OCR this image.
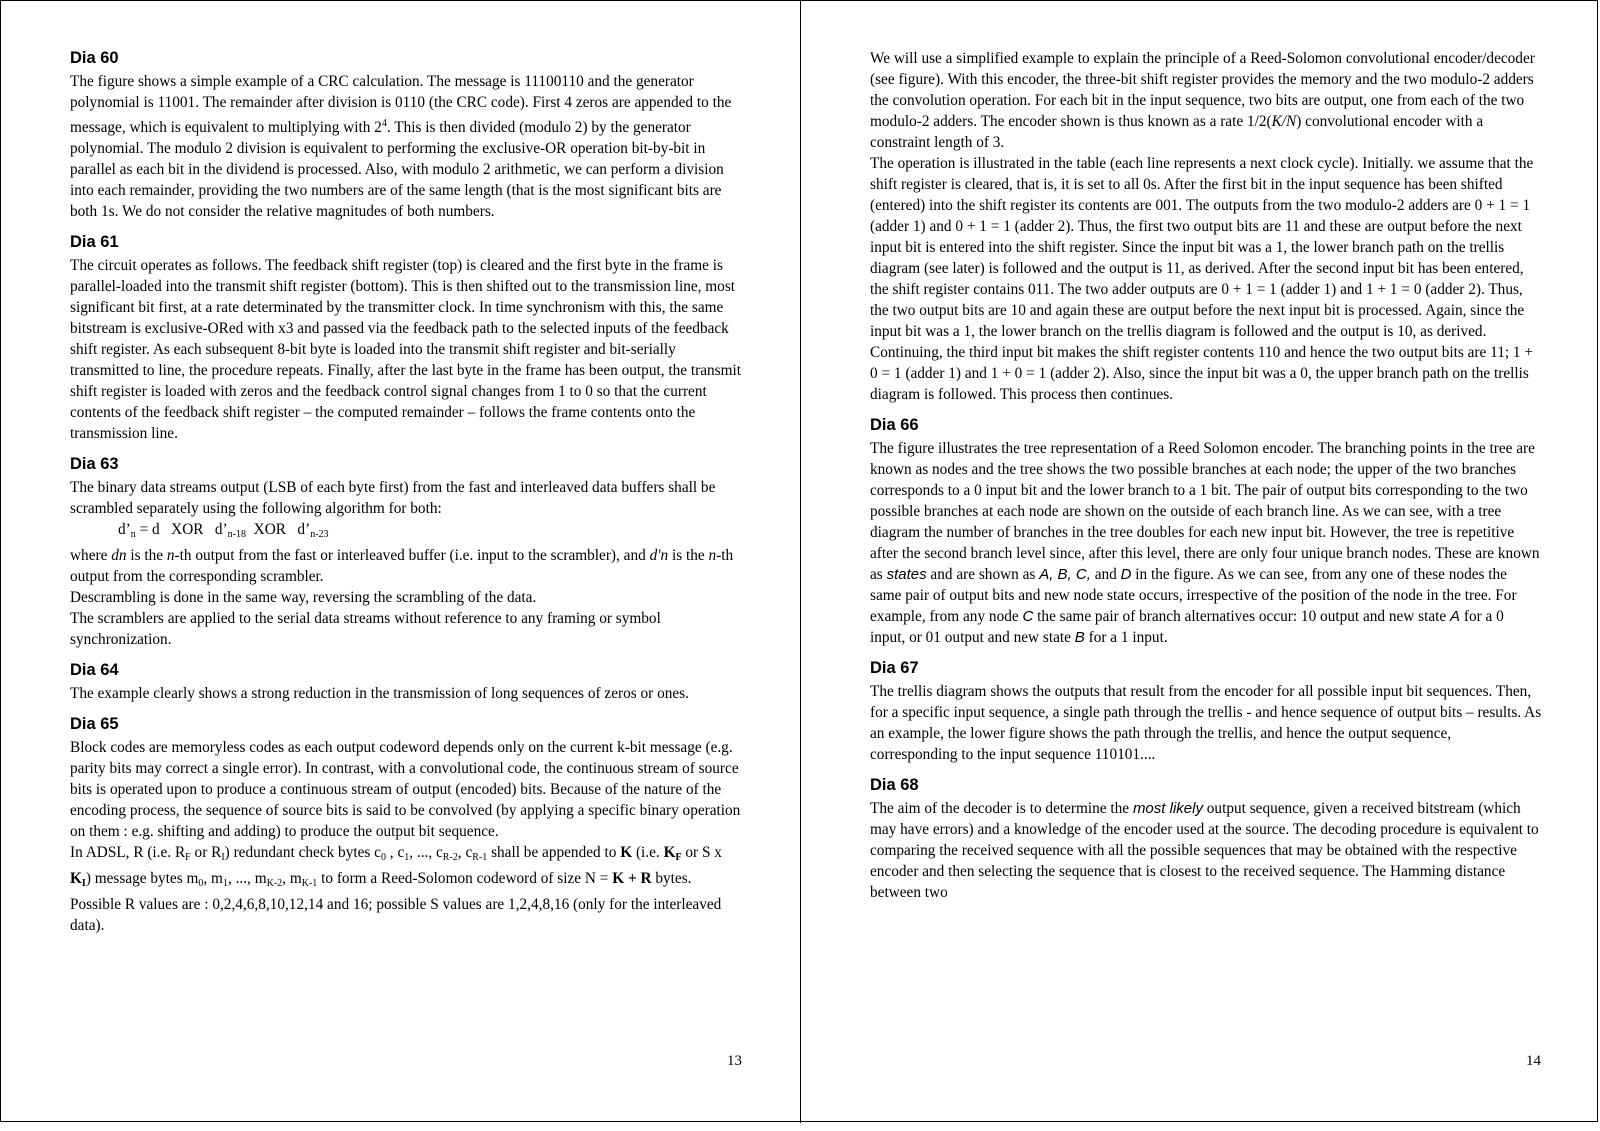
Dia 60

The figure shows a simple example of a CRC calculation. The message is 11100110 and the generator polynomial is 11001. The remainder after division is 0110 (the CRC code). First 4 zeros are appended to the message, which is equivalent to multiplying with $2^4$. This is then divided (modulo 2) by the generator polynomial. The modulo 2 division is equivalent to performing the exclusive-OR operation bit-by-bit in parallel as each bit in the dividend is processed. Also, with modulo 2 arithmetic, we can perform a division into each remainder, providing the two numbers are of the same length (that is the most significant bits are both 1s. We do not consider the relative magnitudes of both numbers.

Dia 61

The circuit operates as follows. The feedback shift register (top) is cleared and the first byte in the frame is parallel-loaded into the transmit shift register (bottom). This is then shifted out to the transmission line, most significant bit first, at a rate determinated by the transmitter clock. In time synchronism with this, the same bitstream is exclusive-ORed with x3 and passed via the feedback path to the selected inputs of the feedback shift register. As each subsequent 8-bit byte is loaded into the transmit shift register and bit-serially transmitted to line, the procedure repeats. Finally, after the last byte in the frame has been output, the transmit shift register is loaded with zeros and the feedback control signal changes from 1 to 0 so that the current contents of the feedback shift register – the computed remainder – follows the frame contents onto the transmission line.

Dia 63

The binary data streams output (LSB of each byte first) from the fast and interleaved data buffers shall be scrambled separately using the following algorithm for both:

$d’_n = d$   XOR   $d’_{n-18}$  XOR   $d’_{n-23}$

where dn is the n-th output from the fast or interleaved buffer (i.e. input to the scrambler), and d'n is the n-th output from the corresponding scrambler.

Descrambling is done in the same way, reversing the scrambling of the data.

The scramblers are applied to the serial data streams without reference to any framing or symbol synchronization.

Dia 64

The example clearly shows a strong reduction in the transmission of long sequences of zeros or ones.

Dia 65

Block codes are memoryless codes as each output codeword depends only on the current k-bit message (e.g. parity bits may correct a single error). In contrast, with a convolutional code, the continuous stream of source bits is operated upon to produce a continuous stream of output (encoded) bits. Because of the nature of the encoding process, the sequence of source bits is said to be convolved (by applying a specific binary operation on them : e.g. shifting and adding) to produce the output bit sequence.

In ADSL, R (i.e. $R_F$ or $R_I$) redundant check bytes $c_0$ , $c_1$, ..., $c_{R-2}$, $c_{R-1}$ shall be appended to K (i.e. $K_F$ or S x $K_I$) message bytes $m_0$, $m_1$, ..., $m_{K-2}$, $m_{K-1}$ to form a Reed-Solomon codeword of size N = K + R bytes. Possible R values are : 0,2,4,6,8,10,12,14 and 16; possible S values are 1,2,4,8,16 (only for the interleaved data).

13

We will use a simplified example to explain the principle of a Reed-Solomon convolutional encoder/decoder (see figure). With this encoder, the three-bit shift register provides the memory and the two modulo-2 adders the convolution operation. For each bit in the input sequence, two bits are output, one from each of the two modulo-2 adders. The encoder shown is thus known as a rate 1/2(K/N) convolutional encoder with a constraint length of 3.

The operation is illustrated in the table (each line represents a next clock cycle). Initially. we assume that the shift register is cleared, that is, it is set to all 0s. After the first bit in the input sequence has been shifted (entered) into the shift register its contents are 001. The outputs from the two modulo-2 adders are 0 + 1 = 1 (adder 1) and 0 + 1 = 1 (adder 2). Thus, the first two output bits are 11 and these are output before the next input bit is entered into the shift register. Since the input bit was a 1, the lower branch path on the trellis diagram (see later) is followed and the output is 11, as derived. After the second input bit has been entered, the shift register contains 011. The two adder outputs are 0 + 1 = 1 (adder 1) and 1 + 1 = 0 (adder 2). Thus, the two output bits are 10 and again these are output before the next input bit is processed. Again, since the input bit was a 1, the lower branch on the trellis diagram is followed and the output is 10, as derived. Continuing, the third input bit makes the shift register contents 110 and hence the two output bits are 11; 1 + 0 = 1 (adder 1) and 1 + 0 = 1 (adder 2). Also, since the input bit was a 0, the upper branch path on the trellis diagram is followed. This process then continues.

Dia 66

The figure illustrates the tree representation of a Reed Solomon encoder. The branching points in the tree are known as nodes and the tree shows the two possible branches at each node; the upper of the two branches corresponds to a 0 input bit and the lower branch to a 1 bit. The pair of output bits corresponding to the two possible branches at each node are shown on the outside of each branch line. As we can see, with a tree diagram the number of branches in the tree doubles for each new input bit. However, the tree is repetitive after the second branch level since, after this level, there are only four unique branch nodes. These are known as states and are shown as A, B, C, and D in the figure. As we can see, from any one of these nodes the same pair of output bits and new node state occurs, irrespective of the position of the node in the tree. For example, from any node C the same pair of branch alternatives occur: 10 output and new state A for a 0 input, or 01 output and new state B for a 1 input.

Dia 67

The trellis diagram shows the outputs that result from the encoder for all possible input bit sequences. Then, for a specific input sequence, a single path through the trellis - and hence sequence of output bits – results. As an example, the lower figure shows the path through the trellis, and hence the output sequence, corresponding to the input sequence 110101....

Dia 68

The aim of the decoder is to determine the most likely output sequence, given a received bitstream (which may have errors) and a knowledge of the encoder used at the source. The decoding procedure is equivalent to comparing the received sequence with all the possible sequences that may be obtained with the respective encoder and then selecting the sequence that is closest to the received sequence. The Hamming distance between two

14
